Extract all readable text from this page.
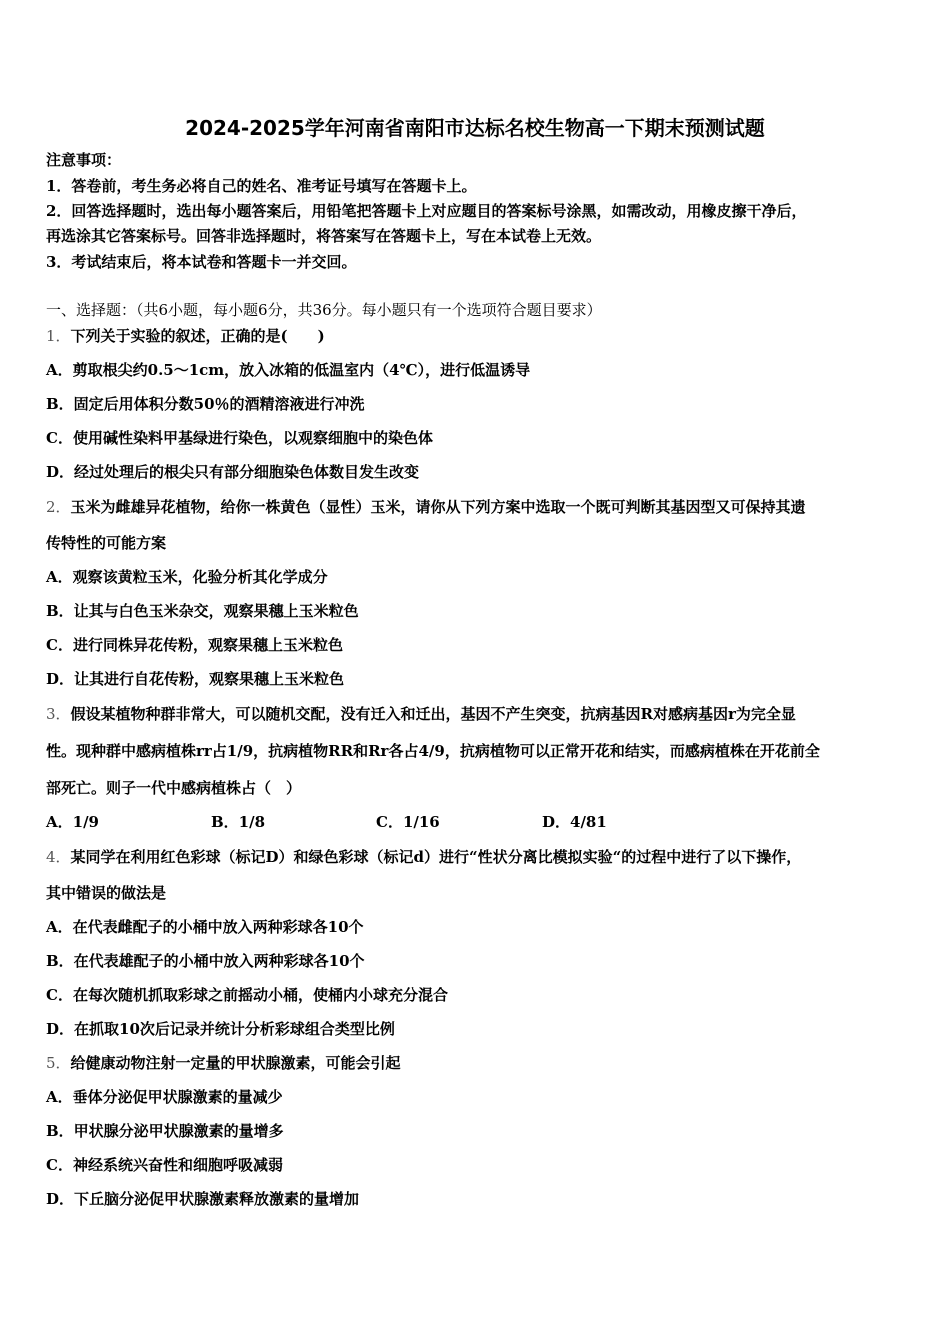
2024-2025学年河南省南阳市达标名校生物高一下期末预测试题
注意事项：
1．答卷前，考生务必将自己的姓名、准考证号填写在答题卡上。
2．回答选择题时，选出每小题答案后，用铅笔把答题卡上对应题目的答案标号涂黑，如需改动，用橡皮擦干净后，
再选涂其它答案标号。回答非选择题时，将答案写在答题卡上，写在本试卷上无效。
3．考试结束后，将本试卷和答题卡一并交回。
一、选择题：（共6小题，每小题6分，共36分。每小题只有一个选项符合题目要求）
1．下列关于实验的叙述，正确的是(　　)
A．剪取根尖约0.5～1cm，放入冰箱的低温室内（4℃），进行低温诱导
B．固定后用体积分数50％的酒精溶液进行冲洗
C．使用碱性染料甲基绿进行染色，以观察细胞中的染色体
D．经过处理后的根尖只有部分细胞染色体数目发生改变
2．玉米为雌雄异花植物，给你一株黄色（显性）玉米，请你从下列方案中选取一个既可判断其基因型又可保持其遗
传特性的可能方案
A．观察该黄粒玉米，化验分析其化学成分
B．让其与白色玉米杂交，观察果穗上玉米粒色
C．进行同株异花传粉，观察果穗上玉米粒色
D．让其进行自花传粉，观察果穗上玉米粒色
3．假设某植物种群非常大，可以随机交配，没有迁入和迁出，基因不产生突变，抗病基因R对感病基因r为完全显
性。现种群中感病植株rr占1/9，抗病植物RR和Rr各占4/9，抗病植物可以正常开花和结实，而感病植株在开花前全
部死亡。则子一代中感病植株占（　）
A．1/9	B．1/8	C．1/16	D．4/81
4．某同学在利用红色彩球（标记D）和绿色彩球（标记d）进行“性状分离比模拟实验“的过程中进行了以下操作，
其中错误的做法是
A．在代表雌配子的小桶中放入两种彩球各10个
B．在代表雄配子的小桶中放入两种彩球各10个
C．在每次随机抓取彩球之前摇动小桶，使桶内小球充分混合
D．在抓取10次后记录并统计分析彩球组合类型比例
5．给健康动物注射一定量的甲状腺激素，可能会引起
A．垂体分泌促甲状腺激素的量减少
B．甲状腺分泌甲状腺激素的量增多
C．神经系统兴奋性和细胞呼吸减弱
D．下丘脑分泌促甲状腺激素释放激素的量增加
